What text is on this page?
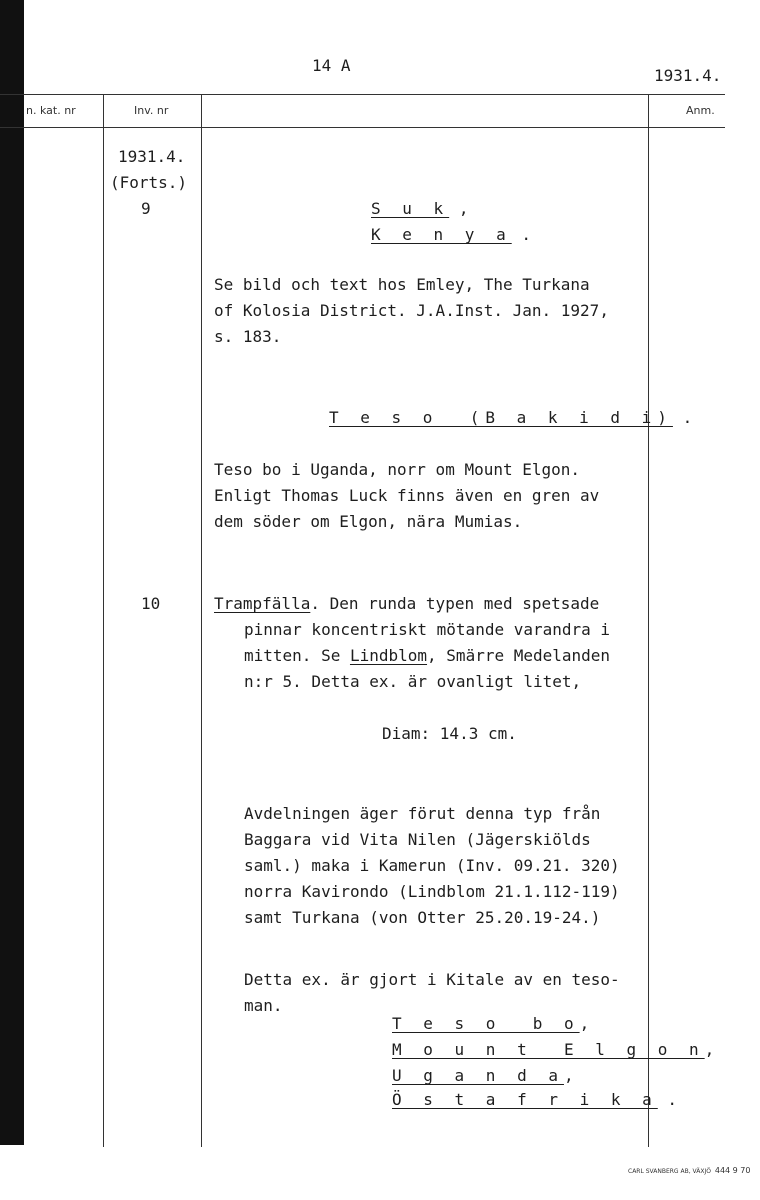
14 A
1931.4.
n. kat. nr	Inv. nr	Anm.
1931.4.
(Forts.)
9
10
S u k ,
K e n y a .
Se bild och text hos Emley, The Turkana
of Kolosia District. J.A.Inst. Jan. 1927,
s. 183.
T e s o  (B a k i d i) .
Teso bo i Uganda, norr om Mount Elgon.
Enligt Thomas Luck finns även en gren av
dem söder om Elgon, nära Mumias.
Trampfälla. Den runda typen med spetsade
pinnar koncentriskt mötande varandra i
mitten. Se Lindblom, Smärre Medelanden
n:r 5. Detta ex. är ovanligt litet,
Diam: 14.3 cm.
Avdelningen äger förut denna typ från
Baggara vid Vita Nilen (Jägerskiölds
saml.) maka i Kamerun (Inv. 09.21. 320)
norra Kavirondo (Lindblom 21.1.112-119)
samt Turkana (von Otter 25.20.19-24.)
Detta ex. är gjort i Kitale av en teso-
man.
T e s o  b o,
M o u n t  E l g o n,
U g a n d a,
Ö s t a f r i k a .
CARL SVANBERG AB, VÄXJÖ 444 9 70
